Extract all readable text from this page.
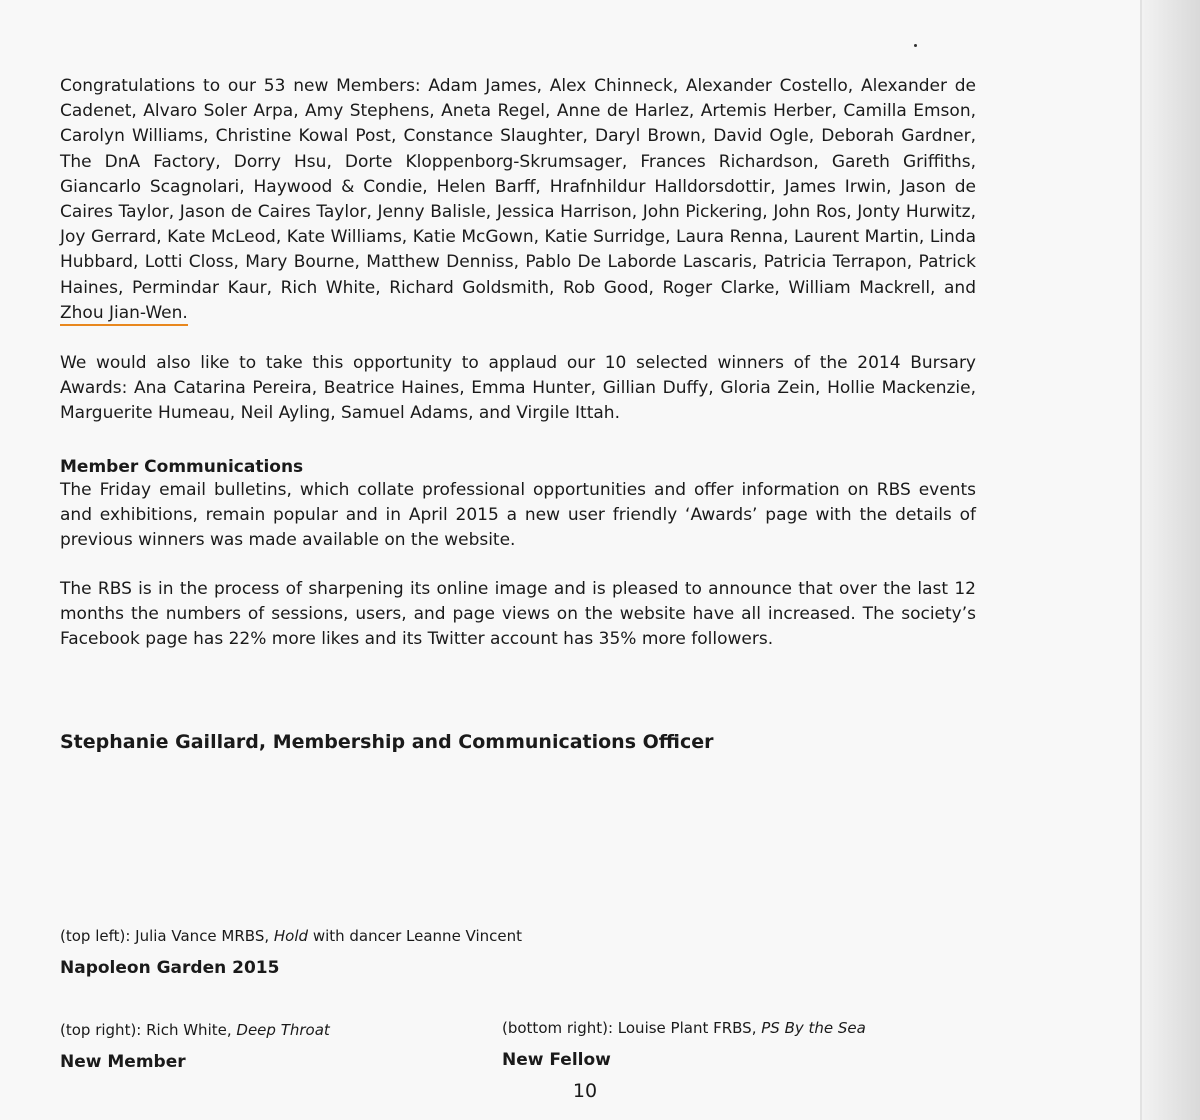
Congratulations to our 53 new Members: Adam James, Alex Chinneck, Alexander Costello, Alexander de Cadenet, Alvaro Soler Arpa, Amy Stephens, Aneta Regel, Anne de Harlez, Artemis Herber, Camilla Emson, Carolyn Williams, Christine Kowal Post, Constance Slaughter, Daryl Brown, David Ogle, Deborah Gardner, The DnA Factory, Dorry Hsu, Dorte Kloppenborg-Skrumsager, Frances Richardson, Gareth Griffiths, Giancarlo Scagnolari, Haywood & Condie, Helen Barff, Hrafnhildur Halldorsdottir, James Irwin, Jason de Caires Taylor, Jason de Caires Taylor, Jenny Balisle, Jessica Harrison, John Pickering, John Ros, Jonty Hurwitz, Joy Gerrard, Kate McLeod, Kate Williams, Katie McGown, Katie Surridge, Laura Renna, Laurent Martin, Linda Hubbard, Lotti Closs, Mary Bourne, Matthew Denniss, Pablo De Laborde Lascaris, Patricia Terrapon, Patrick Haines, Permindar Kaur, Rich White, Richard Goldsmith, Rob Good, Roger Clarke, William Mackrell, and Zhou Jian-Wen.

We would also like to take this opportunity to applaud our 10 selected winners of the 2014 Bursary Awards: Ana Catarina Pereira, Beatrice Haines, Emma Hunter, Gillian Duffy, Gloria Zein, Hollie Mackenzie, Marguerite Humeau, Neil Ayling, Samuel Adams, and Virgile Ittah.

Member Communications

The Friday email bulletins, which collate professional opportunities and offer information on RBS events and exhibitions, remain popular and in April 2015 a new user friendly ‘Awards’ page with the details of previous winners was made available on the website.

The RBS is in the process of sharpening its online image and is pleased to announce that over the last 12 months the numbers of sessions, users, and page views on the website have all increased. The society’s Facebook page has 22% more likes and its Twitter account has 35% more followers.

Stephanie Gaillard, Membership and Communications Officer

(top left): Julia Vance MRBS, Hold with dancer Leanne Vincent

Napoleon Garden 2015

(top right): Rich White, Deep Throat

New Member

(bottom right): Louise Plant FRBS, PS By the Sea

New Fellow

10
